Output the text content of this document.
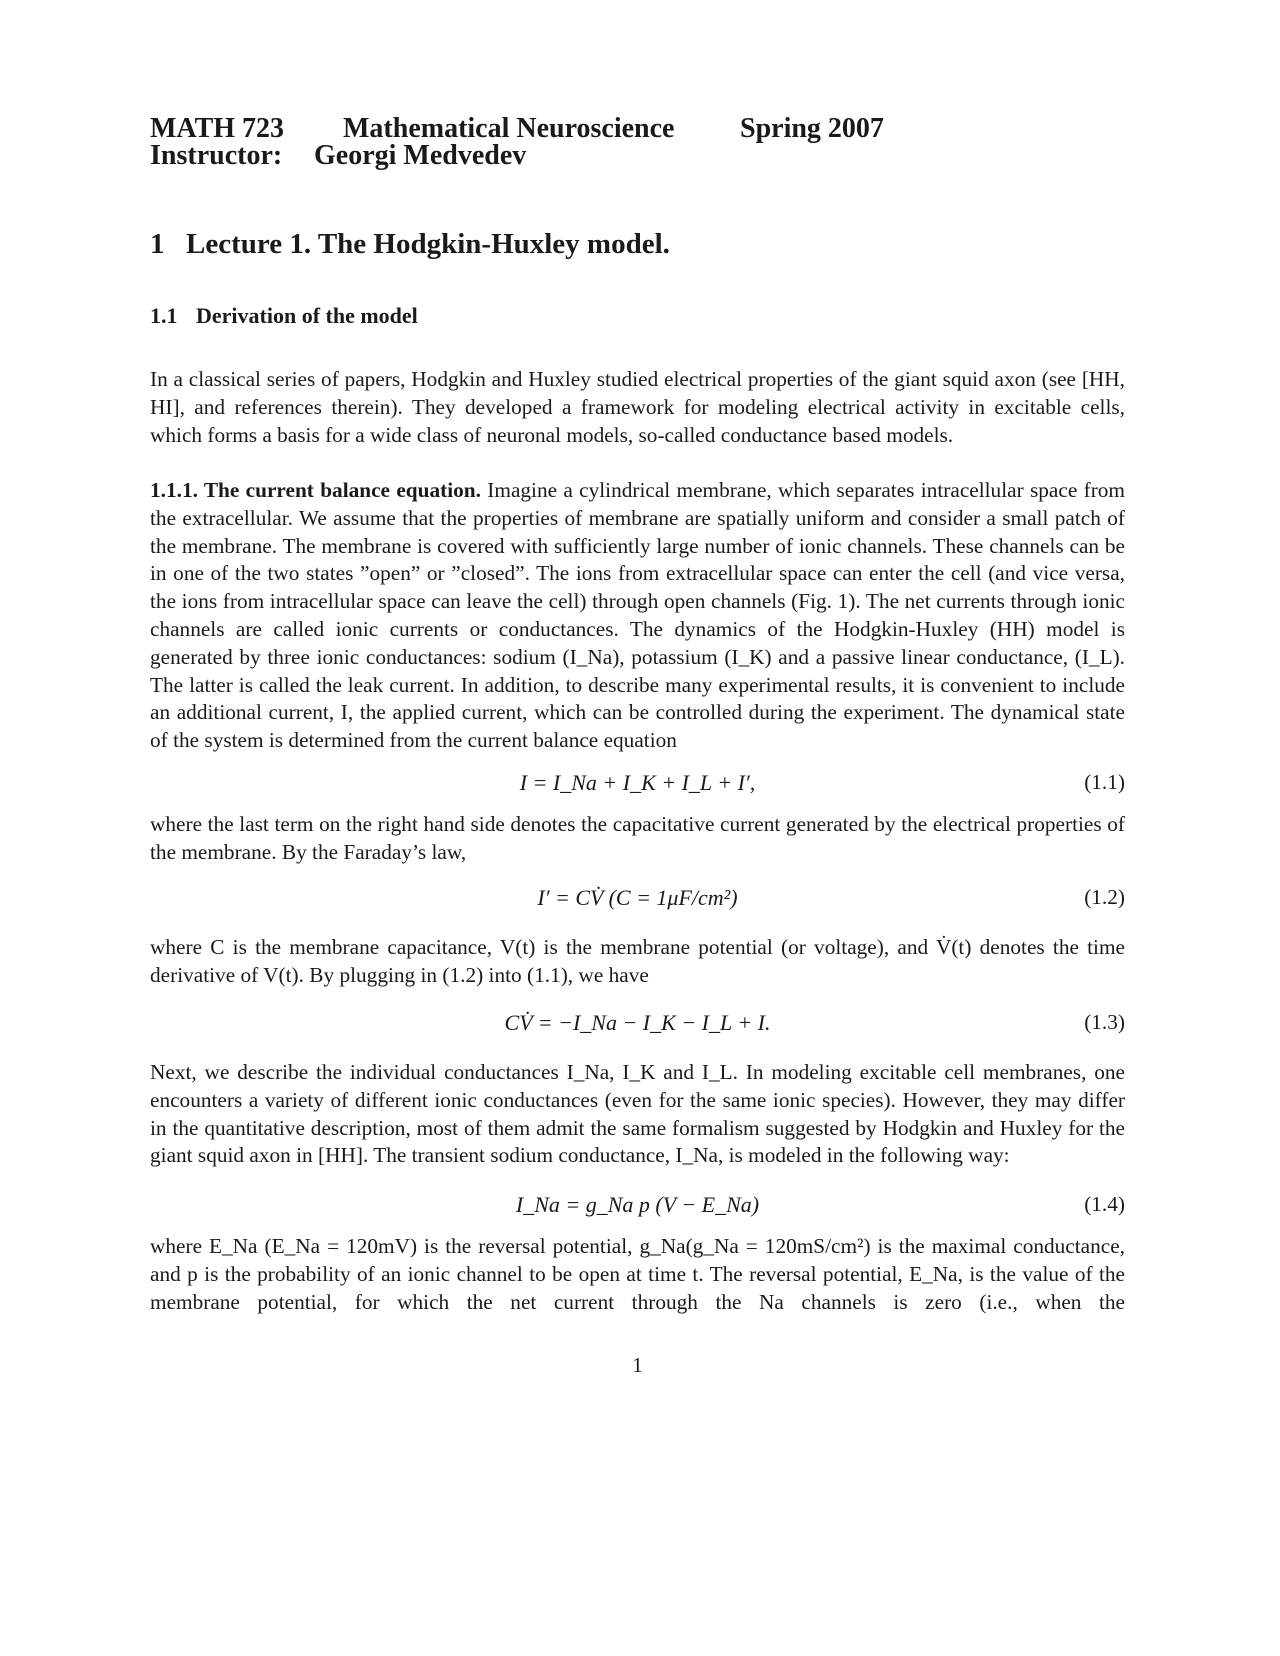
MATH 723 Mathematical Neuroscience Spring 2007
Instructor: Georgi Medvedev
1 Lecture 1. The Hodgkin-Huxley model.
1.1 Derivation of the model
In a classical series of papers, Hodgkin and Huxley studied electrical properties of the giant squid axon (see [HH, HI], and references therein). They developed a framework for modeling electrical activity in excitable cells, which forms a basis for a wide class of neuronal models, so-called conductance based models.
1.1.1. The current balance equation. Imagine a cylindrical membrane, which separates intracellular space from the extracellular. We assume that the properties of membrane are spatially uniform and consider a small patch of the membrane. The membrane is covered with sufficiently large number of ionic channels. These channels can be in one of the two states ”open” or ”closed”. The ions from extracellular space can enter the cell (and vice versa, the ions from intracellular space can leave the cell) through open channels (Fig. 1). The net currents through ionic channels are called ionic currents or conductances. The dynamics of the Hodgkin-Huxley (HH) model is generated by three ionic conductances: sodium (I_Na), potassium (I_K) and a passive linear conductance, (I_L). The latter is called the leak current. In addition, to describe many experimental results, it is convenient to include an additional current, I, the applied current, which can be controlled during the experiment. The dynamical state of the system is determined from the current balance equation
I = I_Na + I_K + I_L + I′,	(1.1)
where the last term on the right hand side denotes the capacitative current generated by the electrical properties of the membrane. By the Faraday’s law,
I′ = CV̇ (C = 1μF/cm²)	(1.2)
where C is the membrane capacitance, V(t) is the membrane potential (or voltage), and V̇(t) denotes the time derivative of V(t). By plugging in (1.2) into (1.1), we have
CV̇ = −I_Na − I_K − I_L + I.	(1.3)
Next, we describe the individual conductances I_Na, I_K and I_L. In modeling excitable cell membranes, one encounters a variety of different ionic conductances (even for the same ionic species). However, they may differ in the quantitative description, most of them admit the same formalism suggested by Hodgkin and Huxley for the giant squid axon in [HH]. The transient sodium conductance, I_Na, is modeled in the following way:
I_Na = g_Na p (V − E_Na)	(1.4)
where E_Na (E_Na = 120mV) is the reversal potential, g_Na(g_Na = 120mS/cm²) is the maximal conductance, and p is the probability of an ionic channel to be open at time t. The reversal potential, E_Na, is the value of the membrane potential, for which the net current through the Na channels is zero (i.e., when the
1
